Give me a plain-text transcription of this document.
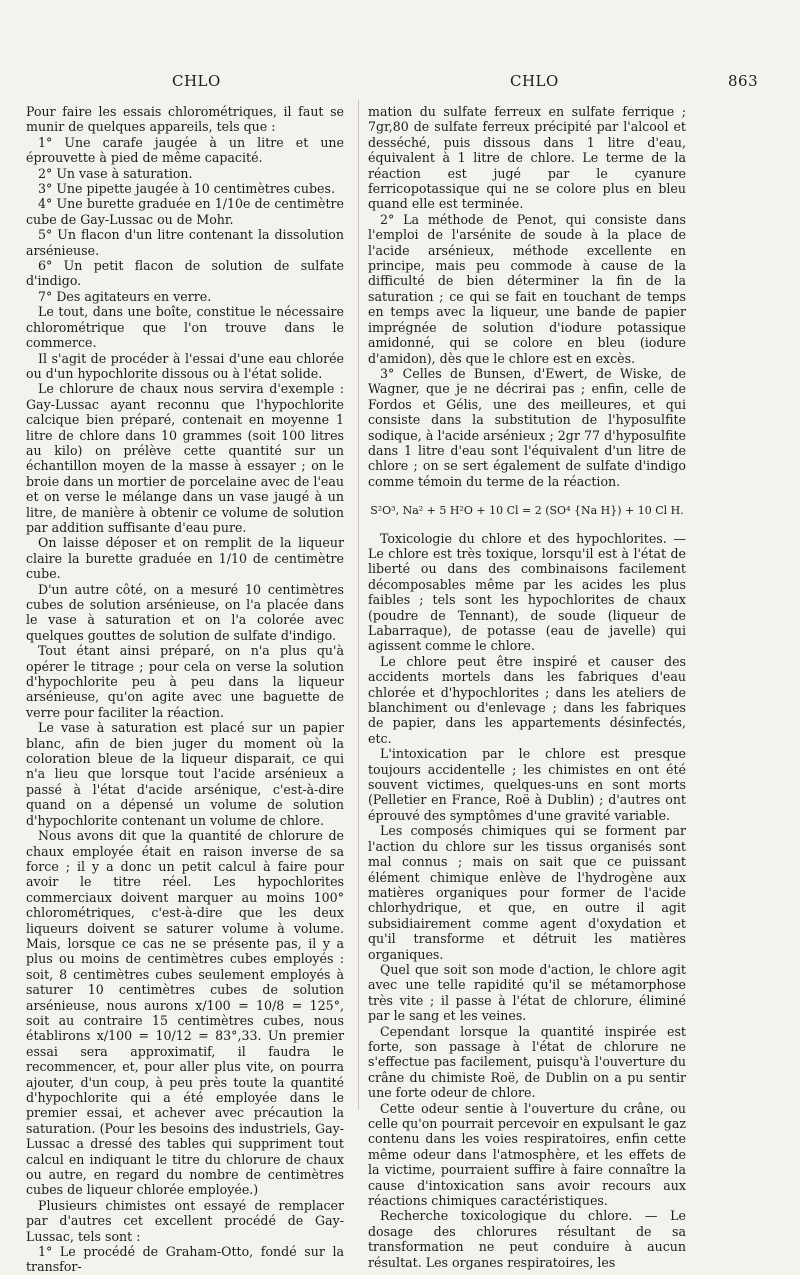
CHLO	CHLO	863

Pour faire les essais chlorométriques, il faut se munir de quelques appareils, tels que :

1° Une carafe jaugée à un litre et une éprouvette à pied de même capacité.

2° Un vase à saturation.

3° Une pipette jaugée à 10 centimètres cubes.

4° Une burette graduée en 1/10e de centimètre cube de Gay-Lussac ou de Mohr.

5° Un flacon d'un litre contenant la dissolution arsénieuse.

6° Un petit flacon de solution de sulfate d'indigo.

7° Des agitateurs en verre.

Le tout, dans une boîte, constitue le nécessaire chlorométrique que l'on trouve dans le commerce.

Il s'agit de procéder à l'essai d'une eau chlorée ou d'un hypochlorite dissous ou à l'état solide.

Le chlorure de chaux nous servira d'exemple : Gay-Lussac ayant reconnu que l'hypochlorite calcique bien préparé, contenait en moyenne 1 litre de chlore dans 10 grammes (soit 100 litres au kilo) on prélève cette quantité sur un échantillon moyen de la masse à essayer ; on le broie dans un mortier de porcelaine avec de l'eau et on verse le mélange dans un vase jaugé à un litre, de manière à obtenir ce volume de solution par addition suffisante d'eau pure.

On laisse déposer et on remplit de la liqueur claire la burette graduée en 1/10 de centimètre cube.

D'un autre côté, on a mesuré 10 centimètres cubes de solution arsénieuse, on l'a placée dans le vase à saturation et on l'a colorée avec quelques gouttes de solution de sulfate d'indigo.

Tout étant ainsi préparé, on n'a plus qu'à opérer le titrage ; pour cela on verse la solution d'hypochlorite peu à peu dans la liqueur arsénieuse, qu'on agite avec une baguette de verre pour faciliter la réaction.

Le vase à saturation est placé sur un papier blanc, afin de bien juger du moment où la coloration bleue de la liqueur disparait, ce qui n'a lieu que lorsque tout l'acide arsénieux a passé à l'état d'acide arsénique, c'est-à-dire quand on a dépensé un volume de solution d'hypochlorite contenant un volume de chlore.

Nous avons dit que la quantité de chlorure de chaux employée était en raison inverse de sa force ; il y a donc un petit calcul à faire pour avoir le titre réel. Les hypochlorites commerciaux doivent marquer au moins 100° chlorométriques, c'est-à-dire que les deux liqueurs doivent se saturer volume à volume. Mais, lorsque ce cas ne se présente pas, il y a plus ou moins de centimètres cubes employés : soit, 8 centimètres cubes seulement employés à saturer 10 centimètres cubes de solution arsénieuse, nous aurons x/100 = 10/8 = 125°, soit au contraire 15 centimètres cubes, nous établirons x/100 = 10/12 = 83°,33. Un premier essai sera approximatif, il faudra le recommencer, et, pour aller plus vite, on pourra ajouter, d'un coup, à peu près toute la quantité d'hypochlorite qui a été employée dans le premier essai, et achever avec précaution la saturation. (Pour les besoins des industriels, Gay-Lussac a dressé des tables qui suppriment tout calcul en indiquant le titre du chlorure de chaux ou autre, en regard du nombre de centimètres cubes de liqueur chlorée employée.)

Plusieurs chimistes ont essayé de remplacer par d'autres cet excellent procédé de Gay-Lussac, tels sont :

1° Le procédé de Graham-Otto, fondé sur la transfor-

mation du sulfate ferreux en sulfate ferrique ; 7gr,80 de sulfate ferreux précipité par l'alcool et desséché, puis dissous dans 1 litre d'eau, équivalent à 1 litre de chlore. Le terme de la réaction est jugé par le cyanure ferricopotassique qui ne se colore plus en bleu quand elle est terminée.

2° La méthode de Penot, qui consiste dans l'emploi de l'arsénite de soude à la place de l'acide arsénieux, méthode excellente en principe, mais peu commode à cause de la difficulté de bien déterminer la fin de la saturation ; ce qui se fait en touchant de temps en temps avec la liqueur, une bande de papier imprégnée de solution d'iodure potassique amidonné, qui se colore en bleu (iodure d'amidon), dès que le chlore est en excès.

3° Celles de Bunsen, d'Ewert, de Wiske, de Wagner, que je ne décrirai pas ; enfin, celle de Fordos et Gélis, une des meilleures, et qui consiste dans la substitution de l'hyposulfite sodique, à l'acide arsénieux ; 2gr 77 d'hyposulfite dans 1 litre d'eau sont l'équivalent d'un litre de chlore ; on se sert également de sulfate d'indigo comme témoin du terme de la réaction.

S²O³, Na² + 5 H²O + 10 Cl = 2 (SO⁴ {Na H}) + 10 Cl H.

Toxicologie du chlore et des hypochlorites. — Le chlore est très toxique, lorsqu'il est à l'état de liberté ou dans des combinaisons facilement décomposables même par les acides les plus faibles ; tels sont les hypochlorites de chaux (poudre de Tennant), de soude (liqueur de Labarraque), de potasse (eau de javelle) qui agissent comme le chlore.

Le chlore peut être inspiré et causer des accidents mortels dans les fabriques d'eau chlorée et d'hypochlorites ; dans les ateliers de blanchiment ou d'enlevage ; dans les fabriques de papier, dans les appartements désinfectés, etc.

L'intoxication par le chlore est presque toujours accidentelle ; les chimistes en ont été souvent victimes, quelques-uns en sont morts (Pelletier en France, Roë à Dublin) ; d'autres ont éprouvé des symptômes d'une gravité variable.

Les composés chimiques qui se forment par l'action du chlore sur les tissus organisés sont mal connus ; mais on sait que ce puissant élément chimique enlève de l'hydrogène aux matières organiques pour former de l'acide chlorhydrique, et que, en outre il agit subsidiairement comme agent d'oxydation et qu'il transforme et détruit les matières organiques.

Quel que soit son mode d'action, le chlore agit avec une telle rapidité qu'il se métamorphose très vite ; il passe à l'état de chlorure, éliminé par le sang et les veines.

Cependant lorsque la quantité inspirée est forte, son passage à l'état de chlorure ne s'effectue pas facilement, puisqu'à l'ouverture du crâne du chimiste Roë, de Dublin on a pu sentir une forte odeur de chlore.

Cette odeur sentie à l'ouverture du crâne, ou celle qu'on pourrait percevoir en expulsant le gaz contenu dans les voies respiratoires, enfin cette même odeur dans l'atmosphère, et les effets de la victime, pourraient suffire à faire connaître la cause d'intoxication sans avoir recours aux réactions chimiques caractéristiques.

Recherche toxicologique du chlore. — Le dosage des chlorures résultant de sa transformation ne peut conduire à aucun résultat. Les organes respiratoires, les
